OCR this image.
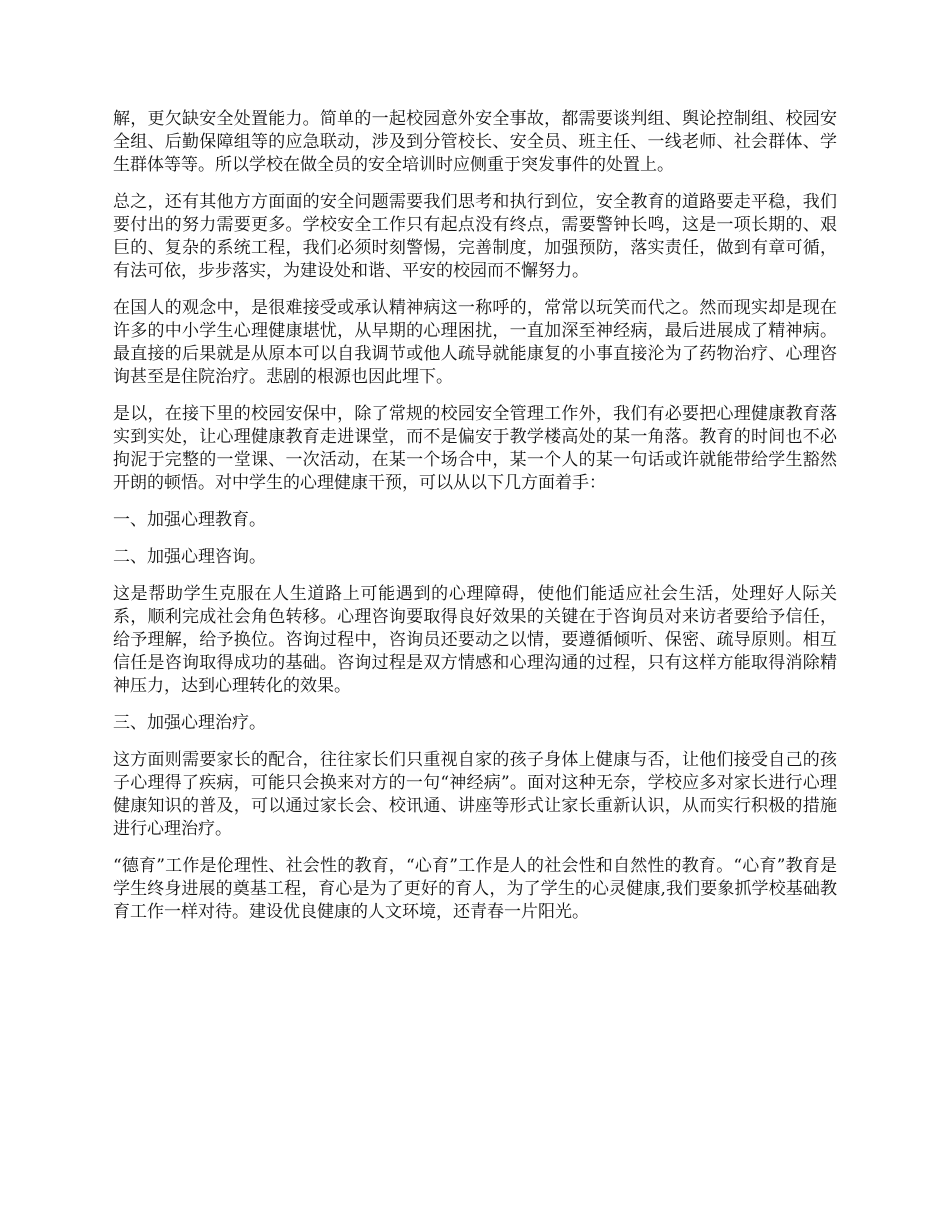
解，更欠缺安全处置能力。简单的一起校园意外安全事故，都需要谈判组、舆论控制组、校园安全组、后勤保障组等的应急联动，涉及到分管校长、安全员、班主任、一线老师、社会群体、学生群体等等。所以学校在做全员的安全培训时应侧重于突发事件的处置上。

总之，还有其他方方面面的安全问题需要我们思考和执行到位，安全教育的道路要走平稳，我们要付出的努力需要更多。学校安全工作只有起点没有终点，需要警钟长鸣，这是一项长期的、艰巨的、复杂的系统工程，我们必须时刻警惕，完善制度，加强预防，落实责任，做到有章可循，有法可依，步步落实，为建设处和谐、平安的校园而不懈努力。

在国人的观念中，是很难接受或承认精神病这一称呼的，常常以玩笑而代之。然而现实却是现在许多的中小学生心理健康堪忧，从早期的心理困扰，一直加深至神经病，最后进展成了精神病。最直接的后果就是从原本可以自我调节或他人疏导就能康复的小事直接沦为了药物治疗、心理咨询甚至是住院治疗。悲剧的根源也因此埋下。

是以，在接下里的校园安保中，除了常规的校园安全管理工作外，我们有必要把心理健康教育落实到实处，让心理健康教育走进课堂，而不是偏安于教学楼高处的某一角落。教育的时间也不必拘泥于完整的一堂课、一次活动，在某一个场合中，某一个人的某一句话或许就能带给学生豁然开朗的顿悟。对中学生的心理健康干预，可以从以下几方面着手：

一、加强心理教育。

二、加强心理咨询。

这是帮助学生克服在人生道路上可能遇到的心理障碍，使他们能适应社会生活，处理好人际关系，顺利完成社会角色转移。心理咨询要取得良好效果的关键在于咨询员对来访者要给予信任，给予理解，给予换位。咨询过程中，咨询员还要动之以情，要遵循倾听、保密、疏导原则。相互信任是咨询取得成功的基础。咨询过程是双方情感和心理沟通的过程，只有这样方能取得消除精神压力，达到心理转化的效果。

三、加强心理治疗。

这方面则需要家长的配合，往往家长们只重视自家的孩子身体上健康与否，让他们接受自己的孩子心理得了疾病，可能只会换来对方的一句“神经病”。面对这种无奈，学校应多对家长进行心理健康知识的普及，可以通过家长会、校讯通、讲座等形式让家长重新认识，从而实行积极的措施进行心理治疗。

“德育”工作是伦理性、社会性的教育，“心育”工作是人的社会性和自然性的教育。“心育”教育是学生终身进展的奠基工程，育心是为了更好的育人，为了学生的心灵健康,我们要象抓学校基础教育工作一样对待。建设优良健康的人文环境，还青春一片阳光。
